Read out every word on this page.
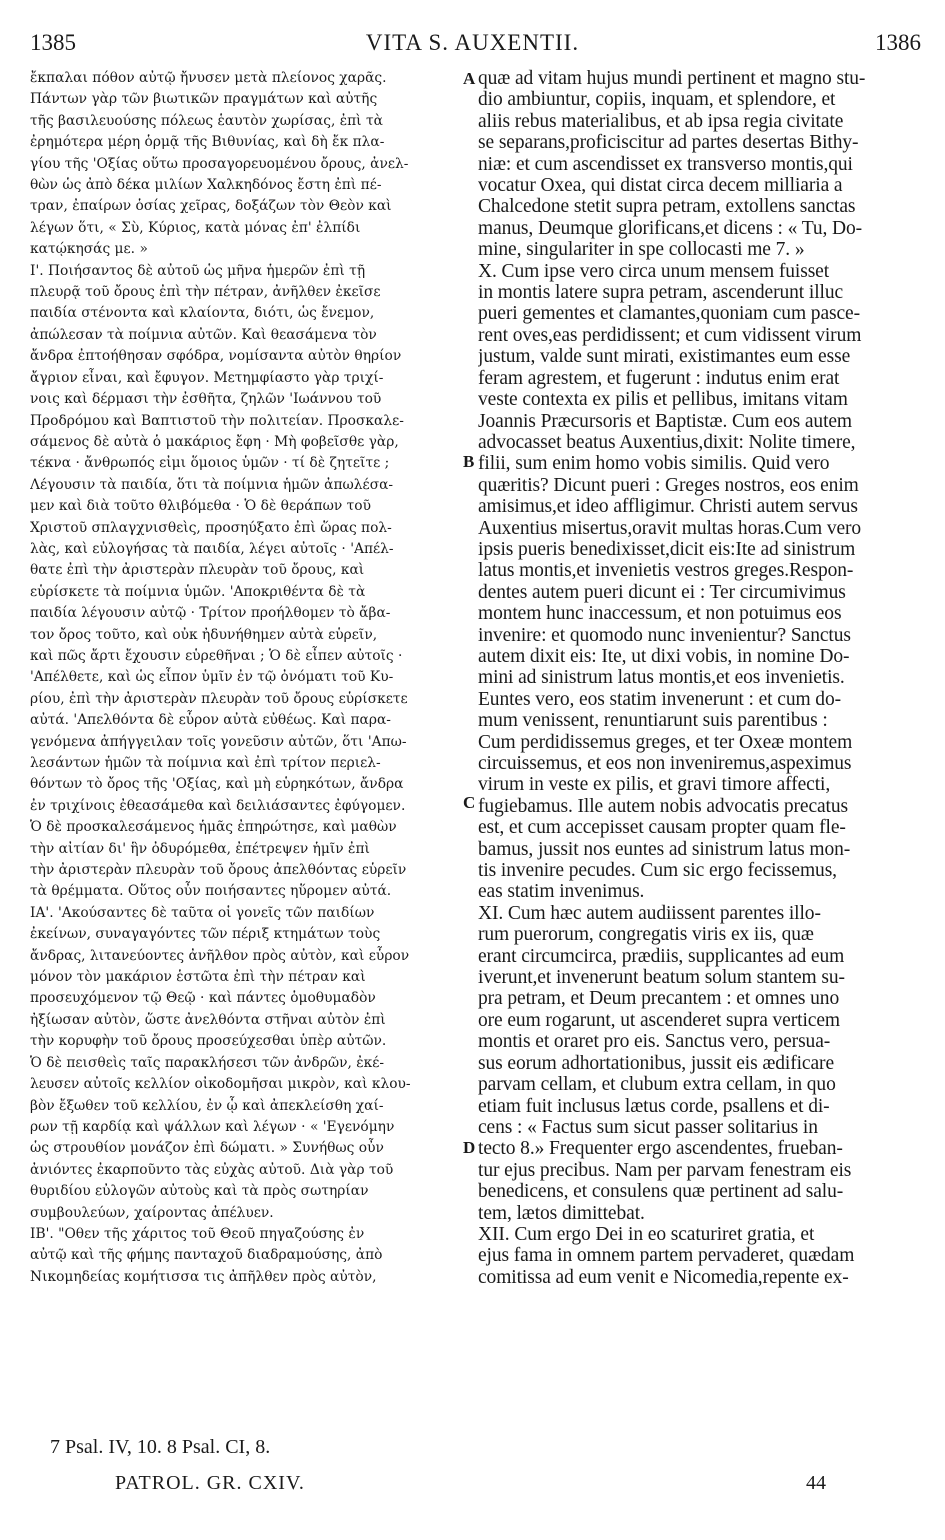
1385	VITA S. AUXENTII.	1386
ἔκπαλαι πόθον αὐτῷ ἤνυσεν μετὰ πλείονος χαρᾶς.
Πάντων γὰρ τῶν βιωτικῶν πραγμάτων καὶ αὐτῆς
τῆς βασιλευούσης πόλεως ἑαυτὸν χωρίσας, ἐπὶ τὰ
ἐρημότερα μέρη ὁρμᾷ τῆς Βιθυνίας, καὶ δὴ ἔκ πλα-
γίου τῆς 'Οξίας οὕτω προσαγορευομένου ὄρους, ἀνελ-
θὼν ὡς ἀπὸ δέκα μιλίων Χαλκηδόνος ἔστη ἐπὶ πέ-
τραν, ἐπαίρων ὁσίας χεῖρας, δοξάζων τὸν Θεὸν καὶ
λέγων ὅτι, « Σὺ, Κύριος, κατὰ μόνας ἐπ' ἐλπίδι
κατῴκησάς με. »
Ι'. Ποιήσαντος δὲ αὐτοῦ ὡς μῆνα ἡμερῶν ἐπὶ τῇ
πλευρᾷ τοῦ ὄρους ἐπὶ τὴν πέτραν, ἀνῆλθεν ἐκεῖσε
παιδία στένοντα καὶ κλαίοντα, διότι, ὡς ἔνεμον,
ἀπώλεσαν τὰ ποίμνια αὐτῶν. Καὶ θεασάμενα τὸν
ἄνδρα ἐπτοήθησαν σφόδρα, νομίσαντα αὐτὸν θηρίον
ἄγριον εἶναι, καὶ ἔφυγον. Μετημφίαστο γὰρ τριχί-
νοις καὶ δέρμασι τὴν ἐσθῆτα, ζηλῶν 'Ιωάννου τοῦ
Προδρόμου καὶ Βαπτιστοῦ τὴν πολιτείαν. Προσκαλε-
σάμενος δὲ αὐτὰ ὁ μακάριος ἔφη · Μὴ φοβεῖσθε γὰρ,
τέκνα · ἄνθρωπός εἰμι ὅμοιος ὑμῶν · τί δὲ ζητεῖτε ;
Λέγουσιν τὰ παιδία, ὅτι τὰ ποίμνια ἡμῶν ἀπωλέσα-
μεν καὶ διὰ τοῦτο θλιβόμεθα · Ὁ δὲ θεράπων τοῦ
Χριστοῦ σπλαγχνισθεὶς, προσηύξατο ἐπὶ ὥρας πολ-
λὰς, καὶ εὐλογήσας τὰ παιδία, λέγει αὐτοῖς · 'Απέλ-
θατε ἐπὶ τὴν ἀριστερὰν πλευρὰν τοῦ ὄρους, καὶ
εὑρίσκετε τὰ ποίμνια ὑμῶν. 'Αποκριθέντα δὲ τὰ
παιδία λέγουσιν αὐτῷ · Τρίτον προήλθομεν τὸ ἄβα-
τον ὄρος τοῦτο, καὶ οὐκ ἠδυνήθημεν αὐτὰ εὑρεῖν,
καὶ πῶς ἄρτι ἔχουσιν εὑρεθῆναι ; Ὁ δὲ εἶπεν αὐτοῖς ·
'Απέλθετε, καὶ ὡς εἶπον ὑμῖν ἐν τῷ ὀνόματι τοῦ Κυ-
ρίου, ἐπὶ τὴν ἀριστερὰν πλευρὰν τοῦ ὄρους εὑρίσκετε
αὐτά. 'Απελθόντα δὲ εὗρον αὐτὰ εὐθέως. Καὶ παρα-
γενόμενα ἀπήγγειλαν τοῖς γονεῦσιν αὐτῶν, ὅτι 'Απω-
λεσάντων ἡμῶν τὰ ποίμνια καὶ ἐπὶ τρίτον περιελ-
θόντων τὸ ὄρος τῆς 'Οξίας, καὶ μὴ εὑρηκότων, ἄνδρα
ἐν τριχίνοις ἐθεασάμεθα καὶ δειλιάσαντες ἐφύγομεν.
Ὁ δὲ προσκαλεσάμενος ἡμᾶς ἐπηρώτησε, καὶ μαθὼν
τὴν αἰτίαν δι' ἣν ὀδυρόμεθα, ἐπέτρεψεν ἡμῖν ἐπὶ
τὴν ἀριστερὰν πλευρὰν τοῦ ὄρους ἀπελθόντας εὑρεῖν
τὰ θρέμματα. Οὕτος οὖν ποιήσαντες ηὕρομεν αὐτά.
ΙΑ'. 'Ακούσαντες δὲ ταῦτα οἱ γονεῖς τῶν παιδίων
ἐκείνων, συναγαγόντες τῶν πέριξ κτημάτων τοὺς
ἄνδρας, λιτανεύοντες ἀνῆλθον πρὸς αὐτὸν, καὶ εὗρον
μόνον τὸν μακάριον ἑστῶτα ἐπὶ τὴν πέτραν καὶ
προσευχόμενον τῷ Θεῷ · καὶ πάντες ὁμοθυμαδὸν
ἠξίωσαν αὐτὸν, ὥστε ἀνελθόντα στῆναι αὐτὸν ἐπὶ
τὴν κορυφὴν τοῦ ὄρους προσεύχεσθαι ὑπὲρ αὐτῶν.
Ὁ δὲ πεισθεὶς ταῖς παρακλήσεσι τῶν ἀνδρῶν, ἐκέ-
λευσεν αὐτοῖς κελλίον οἰκοδομῆσαι μικρὸν, καὶ κλου-
βὸν ἔξωθεν τοῦ κελλίου, ἐν ᾧ καὶ ἀπεκλείσθη χαί-
ρων τῇ καρδίᾳ καὶ ψάλλων καὶ λέγων · « 'Εγενόμην
ὡς στρουθίον μονάζον ἐπὶ δώματι. » Συνήθως οὖν
ἀνιόντες ἐκαρποῦντο τὰς εὐχὰς αὐτοῦ. Διὰ γὰρ τοῦ
θυριδίου εὐλογῶν αὐτοὺς καὶ τὰ πρὸς σωτηρίαν
συμβουλεύων, χαίροντας ἀπέλυεν.
ΙΒ'. "Οθεν τῆς χάριτος τοῦ Θεοῦ πηγαζούσης ἐν
αὐτῷ καὶ τῆς φήμης πανταχοῦ διαδραμούσης, ἀπὸ
Νικομηδείας κομήτισσα τις ἀπῆλθεν πρὸς αὐτὸν,
quæ ad vitam hujus mundi pertinent et magno stu-
dio ambiuntur, copiis, inquam, et splendore, et
aliis rebus materialibus, et ab ipsa regia civitate
se separans,proficiscitur ad partes desertas Bithy-
niæ: et cum ascendisset ex transverso montis,qui
vocatur Oxea, qui distat circa decem milliaria a
Chalcedone stetit supra petram, extollens sanctas
manus, Deumque glorificans,et dicens : « Tu, Do-
mine, singulariter in spe collocasti me 7. »
X. Cum ipse vero circa unum mensem fuisset
in montis latere supra petram, ascenderunt illuc
pueri gementes et clamantes,quoniam cum pasce-
rent oves,eas perdidissent; et cum vidissent virum
justum, valde sunt mirati, existimantes eum esse
feram agrestem, et fugerunt : indutus enim erat
veste contexta ex pilis et pellibus, imitans vitam
Joannis Præcursoris et Baptistæ. Cum eos autem
advocasset beatus Auxentius,dixit: Nolite timere,
filii, sum enim homo vobis similis. Quid vero
quæritis? Dicunt pueri : Greges nostros, eos enim
amisimus,et ideo affligimur. Christi autem servus
Auxentius misertus,oravit multas horas.Cum vero
ipsis pueris benedixisset,dicit eis:Ite ad sinistrum
latus montis,et invenietis vestros greges.Respon-
dentes autem pueri dicunt ei : Ter circumivimus
montem hunc inaccessum, et non potuimus eos
invenire: et quomodo nunc invenientur? Sanctus
autem dixit eis: Ite, ut dixi vobis, in nomine Do-
mini ad sinistrum latus montis,et eos invenietis.
Euntes vero, eos statim invenerunt : et cum do-
mum venissent, renuntiarunt suis parentibus :
Cum perdidissemus greges, et ter Oxeæ montem
circuissemus, et eos non inveniremus,aspeximus
virum in veste ex pilis, et gravi timore affecti,
fugiebamus. Ille autem nobis advocatis precatus
est, et cum accepisset causam propter quam fle-
bamus, jussit nos euntes ad sinistrum latus mon-
tis invenire pecudes. Cum sic ergo fecissemus,
eas statim invenimus.
XI. Cum hæc autem audiissent parentes illo-
rum puerorum, congregatis viris ex iis, quæ
erant circumcirca, prædiis, supplicantes ad eum
iverunt,et invenerunt beatum solum stantem su-
pra petram, et Deum precantem : et omnes uno
ore eum rogarunt, ut ascenderet supra verticem
montis et oraret pro eis. Sanctus vero, persua-
sus eorum adhortationibus, jussit eis ædificare
parvam cellam, et clubum extra cellam, in quo
etiam fuit inclusus lætus corde, psallens et di-
cens : « Factus sum sicut passer solitarius in
tecto 8.» Frequenter ergo ascendentes, frueban-
tur ejus precibus. Nam per parvam fenestram eis
benedicens, et consulens quæ pertinent ad salu-
tem, lætos dimittebat.
XII. Cum ergo Dei in eo scaturiret gratia, et
ejus fama in omnem partem pervaderet, quædam
comitissa ad eum venit e Nicomedia,repente ex-
A
B
C
D
7 Psal. IV, 10. 8 Psal. CI, 8.
PATROL. GR. CXIV.	44
